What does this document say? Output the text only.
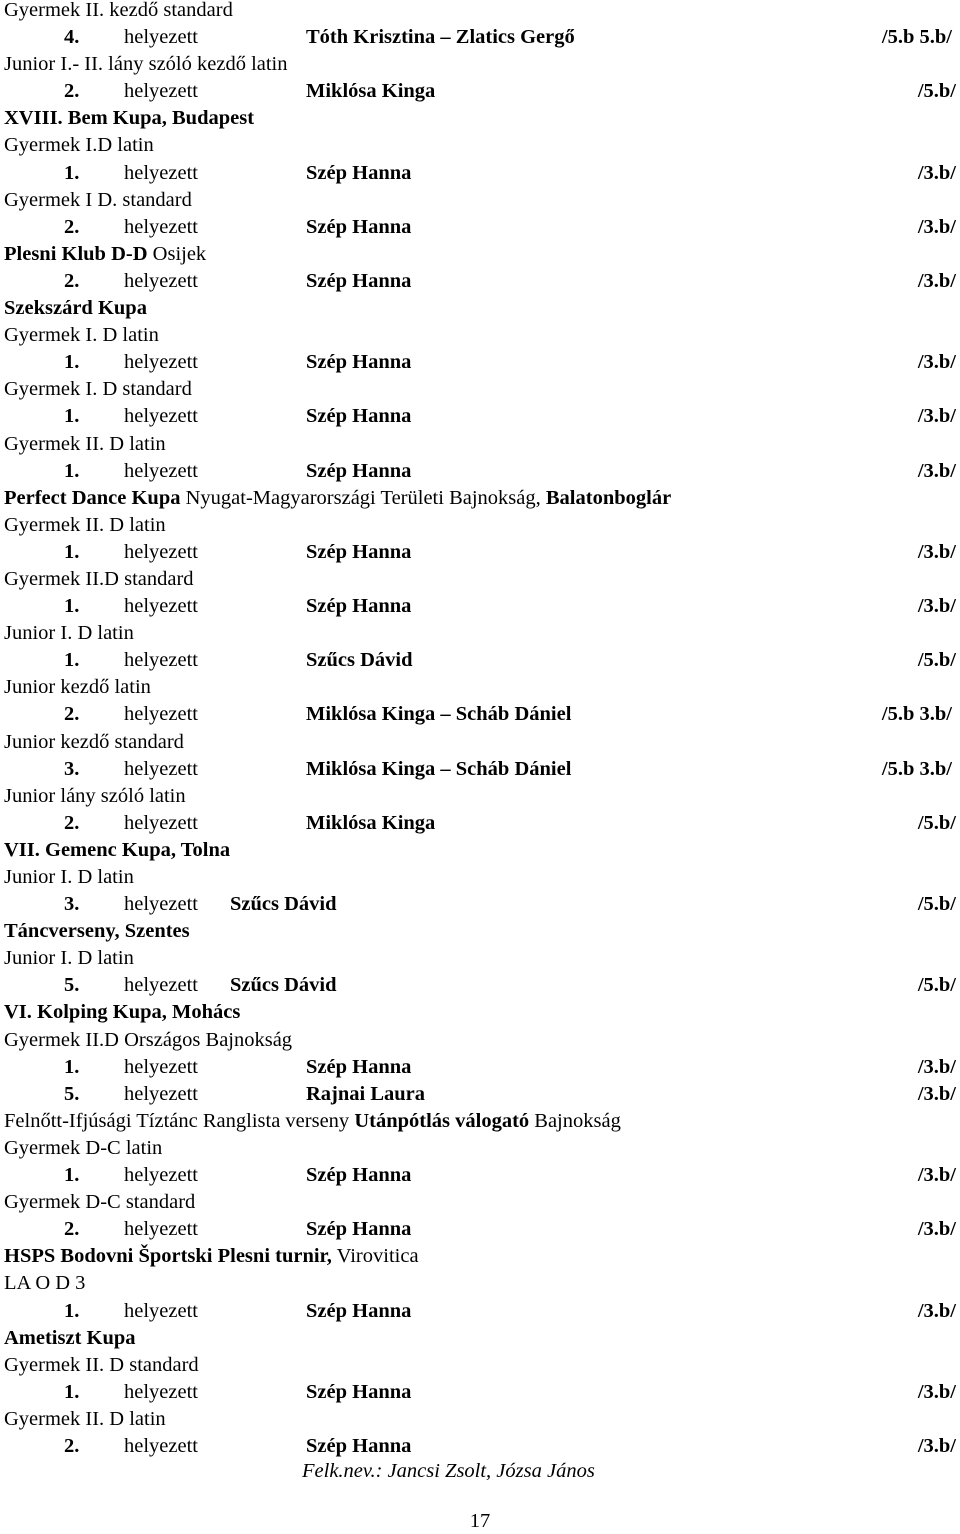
Gyermek II. kezdő standard
4. helyezett	Tóth Krisztina – Zlatics Gergő	/5.b 5.b/
Junior I.- II. lány szóló kezdő latin
2. helyezett	Miklósa Kinga	/5.b/
XVIII. Bem Kupa, Budapest
Gyermek I.D latin
1. helyezett	Szép Hanna	/3.b/
Gyermek I D. standard
2. helyezett	Szép Hanna	/3.b/
Plesni Klub D-D Osijek
2. helyezett	Szép Hanna	/3.b/
Szekszárd Kupa
Gyermek I. D latin
1. helyezett	Szép Hanna	/3.b/
Gyermek I. D standard
1. helyezett	Szép Hanna	/3.b/
Gyermek II. D latin
1. helyezett	Szép Hanna	/3.b/
Perfect Dance Kupa Nyugat-Magyarországi Területi Bajnokság, Balatonboglár
Gyermek II. D latin
1. helyezett	Szép Hanna	/3.b/
Gyermek II.D standard
1. helyezett	Szép Hanna	/3.b/
Junior I. D latin
1. helyezett	Szűcs Dávid	/5.b/
Junior kezdő latin
2. helyezett	Miklósa Kinga – Scháb Dániel	/5.b 3.b/
Junior kezdő standard
3. helyezett	Miklósa Kinga – Scháb Dániel	/5.b 3.b/
Junior lány szóló latin
2. helyezett	Miklósa Kinga	/5.b/
VII. Gemenc Kupa, Tolna
Junior I. D latin
3. helyezett Szűcs Dávid	/5.b/
Táncverseny, Szentes
Junior I. D latin
5. helyezett Szűcs Dávid	/5.b/
VI. Kolping Kupa, Mohács
Gyermek II.D Országos Bajnokság
1. helyezett	Szép Hanna	/3.b/
5. helyezett	Rajnai Laura	/3.b/
Felnőtt-Ifjúsági Tíztánc Ranglista verseny Utánpótlás válogató Bajnokság
Gyermek D-C latin
1. helyezett	Szép Hanna	/3.b/
Gyermek D-C standard
2. helyezett	Szép Hanna	/3.b/
HSPS Bodovni Športski Plesni turnir, Virovitica
LA O D 3
1. helyezett	Szép Hanna	/3.b/
Ametiszt Kupa
Gyermek II. D standard
1. helyezett	Szép Hanna	/3.b/
Gyermek II. D latin
2. helyezett	Szép Hanna	/3.b/
Felk.nev.: Jancsi Zsolt, Józsa János
17
